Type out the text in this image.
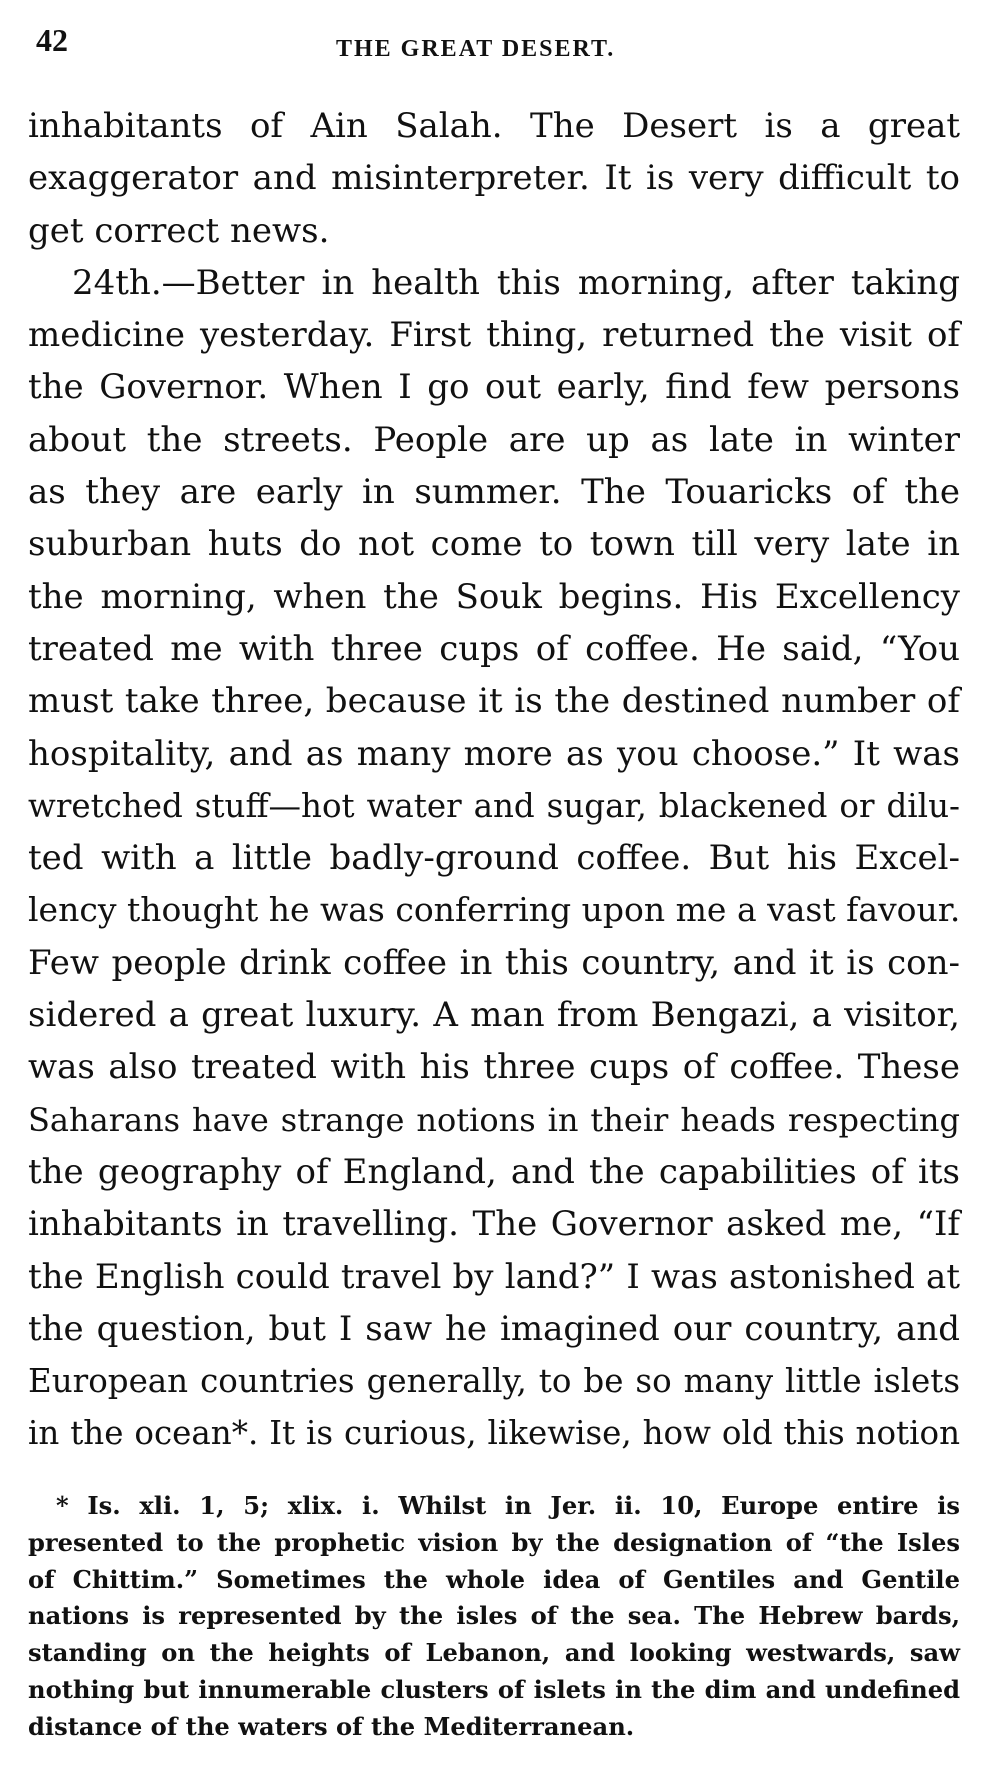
42	THE GREAT DESERT.
inhabitants of Ain Salah. The Desert is a great
exaggerator and misinterpreter. It is very difficult to
get correct news.
24th.—Better in health this morning, after taking
medicine yesterday. First thing, returned the visit of
the Governor. When I go out early, find few persons
about the streets. People are up as late in winter
as they are early in summer. The Touaricks of the
suburban huts do not come to town till very late in
the morning, when the Souk begins. His Excellency
treated me with three cups of coffee. He said, “You
must take three, because it is the destined number of
hospitality, and as many more as you choose.” It was
wretched stuff—hot water and sugar, blackened or dilu-
ted with a little badly-ground coffee. But his Excel-
lency thought he was conferring upon me a vast favour.
Few people drink coffee in this country, and it is con-
sidered a great luxury. A man from Bengazi, a visitor,
was also treated with his three cups of coffee. These
Saharans have strange notions in their heads respecting
the geography of England, and the capabilities of its
inhabitants in travelling. The Governor asked me, “If
the English could travel by land?” I was astonished at
the question, but I saw he imagined our country, and
European countries generally, to be so many little islets
in the ocean*. It is curious, likewise, how old this notion
* Is. xli. 1, 5; xlix. i. Whilst in Jer. ii. 10, Europe entire is
presented to the prophetic vision by the designation of “the Isles
of Chittim.” Sometimes the whole idea of Gentiles and Gentile
nations is represented by the isles of the sea. The Hebrew bards,
standing on the heights of Lebanon, and looking westwards, saw
nothing but innumerable clusters of islets in the dim and undefined
distance of the waters of the Mediterranean.
